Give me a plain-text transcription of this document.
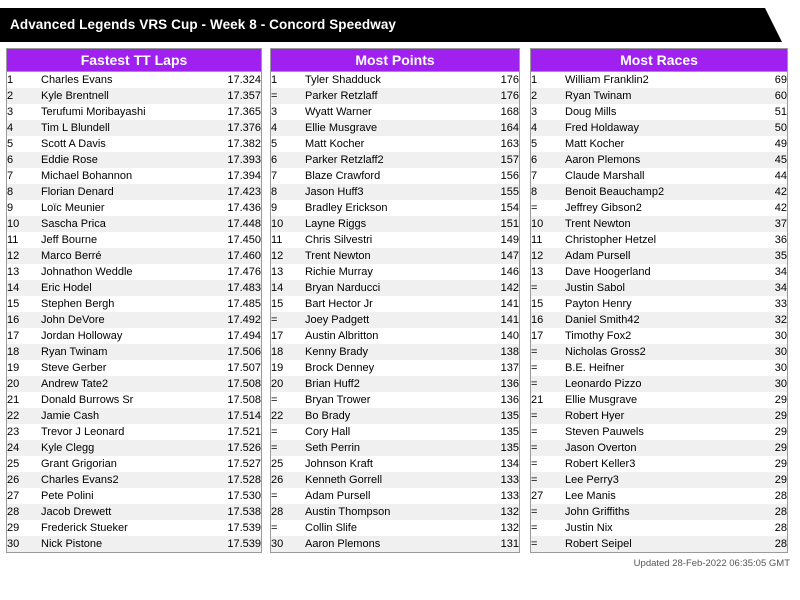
Advanced Legends VRS Cup - Week 8 - Concord Speedway
Fastest TT Laps
1	Charles Evans	17.324
2	Kyle Brentnell	17.357
3	Terufumi Moribayashi	17.365
4	Tim L Blundell	17.376
5	Scott A Davis	17.382
6	Eddie Rose	17.393
7	Michael Bohannon	17.394
8	Florian Denard	17.423
9	Loïc Meunier	17.436
10	Sascha Prica	17.448
11	Jeff Bourne	17.450
12	Marco Berré	17.460
13	Johnathon Weddle	17.476
14	Eric Hodel	17.483
15	Stephen Bergh	17.485
16	John DeVore	17.492
17	Jordan Holloway	17.494
18	Ryan Twinam	17.506
19	Steve Gerber	17.507
20	Andrew Tate2	17.508
21	Donald Burrows Sr	17.508
22	Jamie Cash	17.514
23	Trevor J Leonard	17.521
24	Kyle Clegg	17.526
25	Grant Grigorian	17.527
26	Charles Evans2	17.528
27	Pete Polini	17.530
28	Jacob Drewett	17.538
29	Frederick Stueker	17.539
30	Nick Pistone	17.539
Most Points
1	Tyler Shadduck	176
=	Parker Retzlaff	176
3	Wyatt Warner	168
4	Ellie Musgrave	164
5	Matt Kocher	163
6	Parker Retzlaff2	157
7	Blaze Crawford	156
8	Jason Huff3	155
9	Bradley Erickson	154
10	Layne Riggs	151
11	Chris Silvestri	149
12	Trent Newton	147
13	Richie Murray	146
14	Bryan Narducci	142
15	Bart Hector Jr	141
=	Joey Padgett	141
17	Austin Albritton	140
18	Kenny Brady	138
19	Brock Denney	137
20	Brian Huff2	136
=	Bryan Trower	136
22	Bo Brady	135
=	Cory Hall	135
=	Seth Perrin	135
25	Johnson Kraft	134
26	Kenneth Gorrell	133
=	Adam Pursell	133
28	Austin Thompson	132
=	Collin Slife	132
30	Aaron Plemons	131
Most Races
1	William Franklin2	69
2	Ryan Twinam	60
3	Doug Mills	51
4	Fred Holdaway	50
5	Matt Kocher	49
6	Aaron Plemons	45
7	Claude Marshall	44
8	Benoit Beauchamp2	42
=	Jeffrey Gibson2	42
10	Trent Newton	37
11	Christopher Hetzel	36
12	Adam Pursell	35
13	Dave Hoogerland	34
=	Justin Sabol	34
15	Payton Henry	33
16	Daniel Smith42	32
17	Timothy Fox2	30
=	Nicholas Gross2	30
=	B.E. Heifner	30
=	Leonardo Pizzo	30
21	Ellie Musgrave	29
=	Robert Hyer	29
=	Steven Pauwels	29
=	Jason Overton	29
=	Robert Keller3	29
=	Lee Perry3	29
27	Lee Manis	28
=	John Griffiths	28
=	Justin Nix	28
=	Robert Seipel	28
Updated 28-Feb-2022 06:35:05 GMT
